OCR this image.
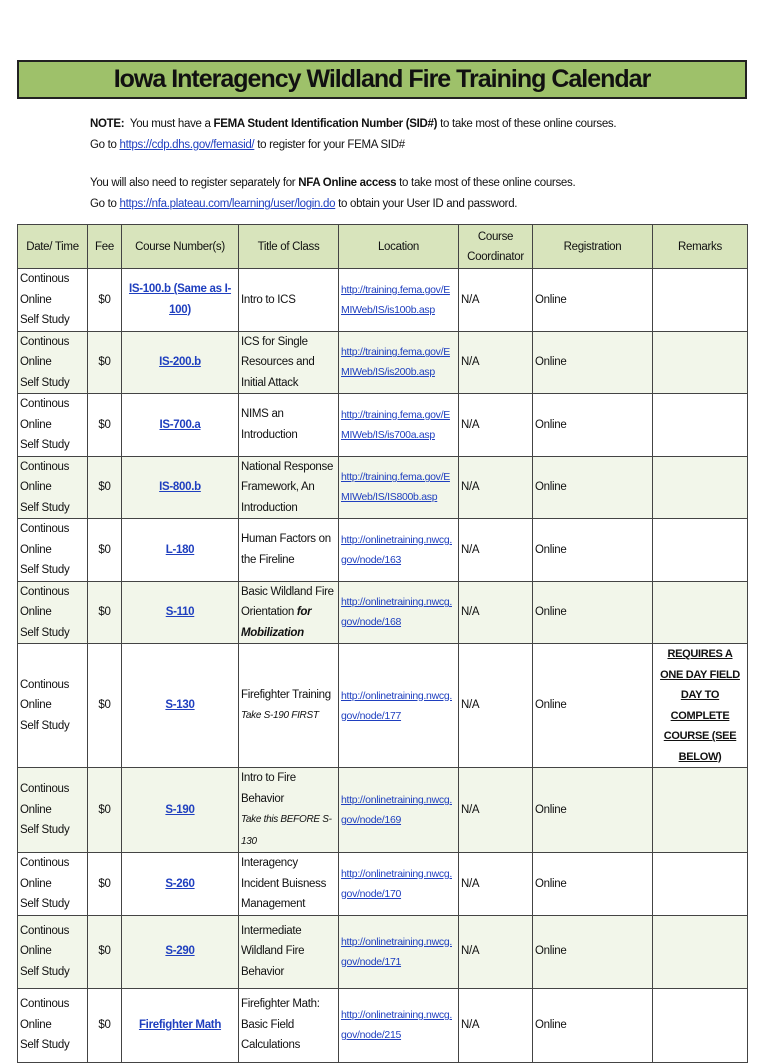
Iowa Interagency Wildland Fire Training Calendar
NOTE: You must have a FEMA Student Identification Number (SID#) to take most of these online courses.
Go to https://cdp.dhs.gov/femasid/ to register for your FEMA SID#
You will also need to register separately for NFA Online access to take most of these online courses.
Go to https://nfa.plateau.com/learning/user/login.do to obtain your User ID and password.
Date/ Time	Fee	Course Number(s)	Title of Class	Location	Course
Coordinator	Registration	Remarks
Continous Online
Self Study	$0	IS-100.b (Same as I-100)	Intro to ICS	http://training.fema.gov/EMIWeb/IS/is100b.asp	N/A	Online	
Continous Online
Self Study	$0	IS-200.b	ICS for Single Resources and Initial Attack	http://training.fema.gov/EMIWeb/IS/is200b.asp	N/A	Online	
Continous Online
Self Study	$0	IS-700.a	NIMS an Introduction	http://training.fema.gov/EMIWeb/IS/is700a.asp	N/A	Online	
Continous Online
Self Study	$0	IS-800.b	National Response Framework, An Introduction	http://training.fema.gov/EMIWeb/IS/IS800b.asp	N/A	Online	
Continous Online
Self Study	$0	L-180	Human Factors on the Fireline	http://onlinetraining.nwcg.gov/node/163	N/A	Online	
Continous Online
Self Study	$0	S-110	Basic Wildland Fire Orientation for Mobilization	http://onlinetraining.nwcg.gov/node/168	N/A	Online	
Continous Online
Self Study	$0	S-130	Firefighter Training
Take S-190 FIRST	http://onlinetraining.nwcg.gov/node/177	N/A	Online	REQUIRES A ONE DAY FIELD DAY TO COMPLETE COURSE (SEE BELOW)
Continous Online
Self Study	$0	S-190	Intro to Fire Behavior
Take this BEFORE S-130	http://onlinetraining.nwcg.gov/node/169	N/A	Online	
Continous Online
Self Study	$0	S-260	Interagency Incident Buisness Management	http://onlinetraining.nwcg.gov/node/170	N/A	Online	
Continous Online
Self Study	$0	S-290	Intermediate Wildland Fire Behavior	http://onlinetraining.nwcg.gov/node/171	N/A	Online	
Continous Online
Self Study	$0	Firefighter Math	Firefighter Math: Basic Field Calculations	http://onlinetraining.nwcg.gov/node/215	N/A	Online	
